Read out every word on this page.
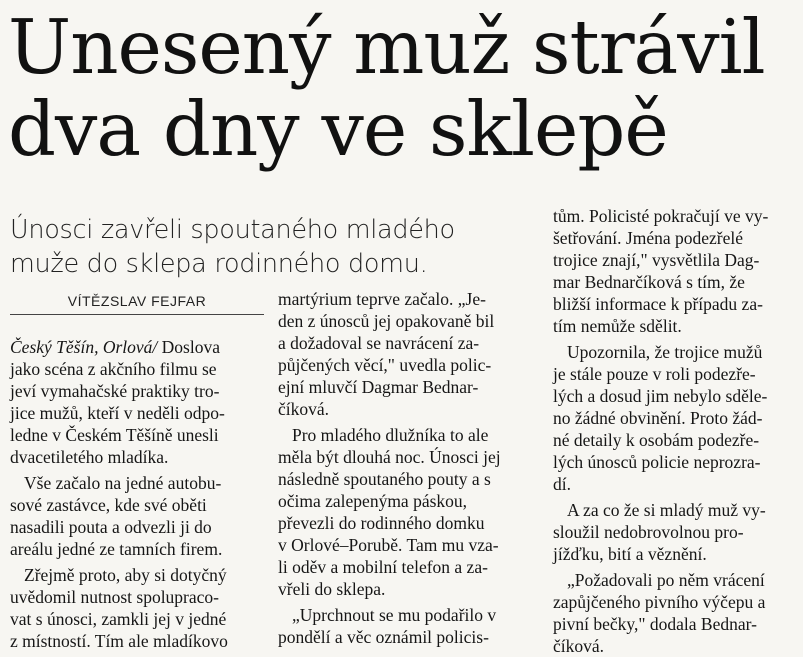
Unesený muž strávil
dva dny ve sklepě
Únosci zavřeli spoutaného mladého
muže do sklepa rodinného domu.
VÍTĚZSLAV FEJFAR
Český Těšín, Orlová/ Doslova
jako scéna z akčního filmu se
jeví vymahačské praktiky tro-
jice mužů, kteří v neděli odpo-
ledne v Českém Těšíně unesli
dvacetiletého mladíka.
Vše začalo na jedné autobu-
sové zastávce, kde své oběti
nasadili pouta a odvezli ji do
areálu jedné ze tamních firem.
Zřejmě proto, aby si dotyčný
uvědomil nutnost spolupraco-
vat s únosci, zamkli jej v jedné
z místností. Tím ale mladíkovo
martýrium teprve začalo. „Je-
den z únosců jej opakovaně bil
a dožadoval se navrácení za-
půjčených věcí," uvedla polic-
ejní mluvčí Dagmar Bednar-
číková.
Pro mladého dlužníka to ale
měla být dlouhá noc. Únosci jej
následně spoutaného pouty a s
očima zalepenýma páskou,
převezli do rodinného domku
v Orlové–Porubě. Tam mu vza-
li oděv a mobilní telefon a za-
vřeli do sklepa.
„Uprchnout se mu podařilo v
pondělí a věc oznámil policis-
tům. Policisté pokračují ve vy-
šetřování. Jména podezřelé
trojice znají," vysvětlila Dag-
mar Bednarčíková s tím, že
bližší informace k případu za-
tím nemůže sdělit.
Upozornila, že trojice mužů
je stále pouze v roli podezře-
lých a dosud jim nebylo sděle-
no žádné obvinění. Proto žád-
né detaily k osobám podezře-
lých únosců policie neprozra-
dí.
A za co že si mladý muž vy-
sloužil nedobrovolnou pro-
jížďku, bití a věznění.
„Požadovali po něm vrácení
zapůjčeného pivního výčepu a
pivní bečky," dodala Bednar-
číková.
